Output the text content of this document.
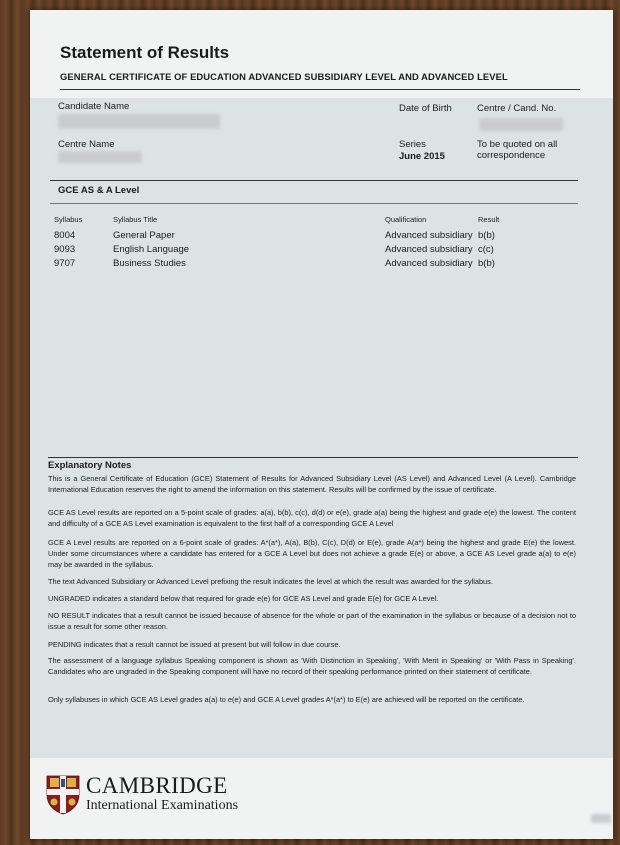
Statement of Results
GENERAL CERTIFICATE OF EDUCATION ADVANCED SUBSIDIARY LEVEL AND ADVANCED LEVEL
Candidate Name	Date of Birth	Centre / Cand. No.
Centre Name	Series
June 2015
To be quoted on all correspondence
GCE AS & A Level
Syllabus	Syllabus Title	Qualification	Result
8004	General Paper	Advanced subsidiary b(b)
9093	English Language	Advanced subsidiary c(c)
9707	Business Studies	Advanced subsidiary b(b)
Explanatory Notes
This is a General Certificate of Education (GCE) Statement of Results for Advanced Subsidiary Level (AS Level) and Advanced Level (A Level). Cambridge International Education reserves the right to amend the information on this statement. Results will be confirmed by the issue of certificate.
GCE AS Level results are reported on a 5-point scale of grades: a(a), b(b), c(c), d(d) or e(e), grade a(a) being the highest and grade e(e) the lowest. The content and difficulty of a GCE AS Level examination is equivalent to the first half of a corresponding GCE A Level
GCE A Level results are reported on a 6-point scale of grades: A*(a*), A(a), B(b), C(c), D(d) or E(e), grade A(a*) being the highest and grade E(e) the lowest. Under some circumstances where a candidate has entered for a GCE A Level but does not achieve a grade E(e) or above, a GCE AS Level grade a(a) to e(e) may be awarded in the syllabus.
The text Advanced Subsidiary or Advanced Level prefixing the result indicates the level at which the result was awarded for the syllabus.
UNGRADED indicates a standard below that required for grade e(e) for GCE AS Level and grade E(e) for GCE A Level.
NO RESULT indicates that a result cannot be issued because of absence for the whole or part of the examination in the syllabus or because of a decision not to issue a result for some other reason.
PENDING indicates that a result cannot be issued at present but will follow in due course.
The assessment of a language syllabus Speaking component is shown as 'With Distinction in Speaking', 'With Merit in Speaking' or 'With Pass in Speaking'. Candidates who are ungraded in the Speaking component will have no record of their speaking performance printed on their statement of certificate.
Only syllabuses in which GCE AS Level grades a(a) to e(e) and GCE A Level grades A*(a*) to E(e) are achieved will be reported on the certificate.
CAMBRIDGE
International Examinations
